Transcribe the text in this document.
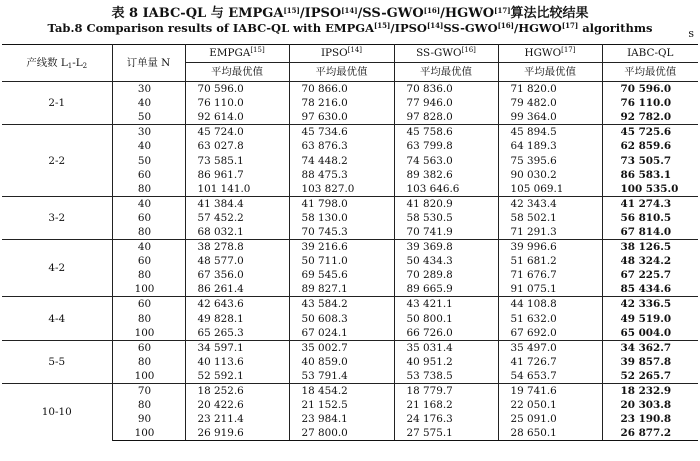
表 8 IABC-QL 与 EMPGA[15]/IPSO[14]/SS-GWO[16]/HGWO[17]算法比较结果
Tab.8 Comparison results of IABC-QL with EMPGA[15]/IPSO[14]SS-GWO[16]/HGWO[17] algorithms	s
产线数 $L_1-L_2$	订单量 N	EMPGA[15]	IPSO[14]	SS-GWO[16]	HGWO[17]	IABC-QL
		平均最优值	平均最优值	平均最优值	平均最优值	平均最优值
2-1	30	70 596.0	70 866.0	70 836.0	71 820.0	70 596.0
	40	76 110.0	78 216.0	77 946.0	79 482.0	76 110.0
	50	92 614.0	97 630.0	97 828.0	99 364.0	92 782.0
2-2	30	45 724.0	45 734.6	45 758.6	45 894.5	45 725.6
	40	63 027.8	63 876.3	63 799.8	64 189.3	62 859.6
	50	73 585.1	74 448.2	74 563.0	75 395.6	73 505.7
	60	86 961.7	88 475.3	89 382.6	90 030.2	86 583.1
	80	101 141.0	103 827.0	103 646.6	105 069.1	100 535.0
3-2	40	41 384.4	41 798.0	41 820.9	42 343.4	41 274.3
	60	57 452.2	58 130.0	58 530.5	58 502.1	56 810.5
	80	68 032.1	70 745.3	70 741.9	71 291.3	67 814.0
4-2	40	38 278.8	39 216.6	39 369.8	39 996.6	38 126.5
	60	48 577.0	50 711.0	50 434.3	51 681.2	48 324.2
	80	67 356.0	69 545.6	70 289.8	71 676.7	67 225.7
	100	86 261.4	89 827.1	89 665.9	91 075.1	85 434.6
4-4	60	42 643.6	43 584.2	43 421.1	44 108.8	42 336.5
	80	49 828.1	50 608.3	50 800.1	51 632.0	49 519.0
	100	65 265.3	67 024.1	66 726.0	67 692.0	65 004.0
5-5	60	34 597.1	35 002.7	35 031.4	35 497.0	34 362.7
	80	40 113.6	40 859.0	40 951.2	41 726.7	39 857.8
	100	52 592.1	53 791.4	53 738.5	54 653.7	52 265.7
10-10	70	18 252.6	18 454.2	18 779.7	19 741.6	18 232.9
	80	20 422.6	21 152.5	21 168.2	22 050.1	20 303.8
	90	23 211.4	23 984.1	24 176.3	25 091.0	23 190.8
	100	26 919.6	27 800.0	27 575.1	28 650.1	26 877.2
